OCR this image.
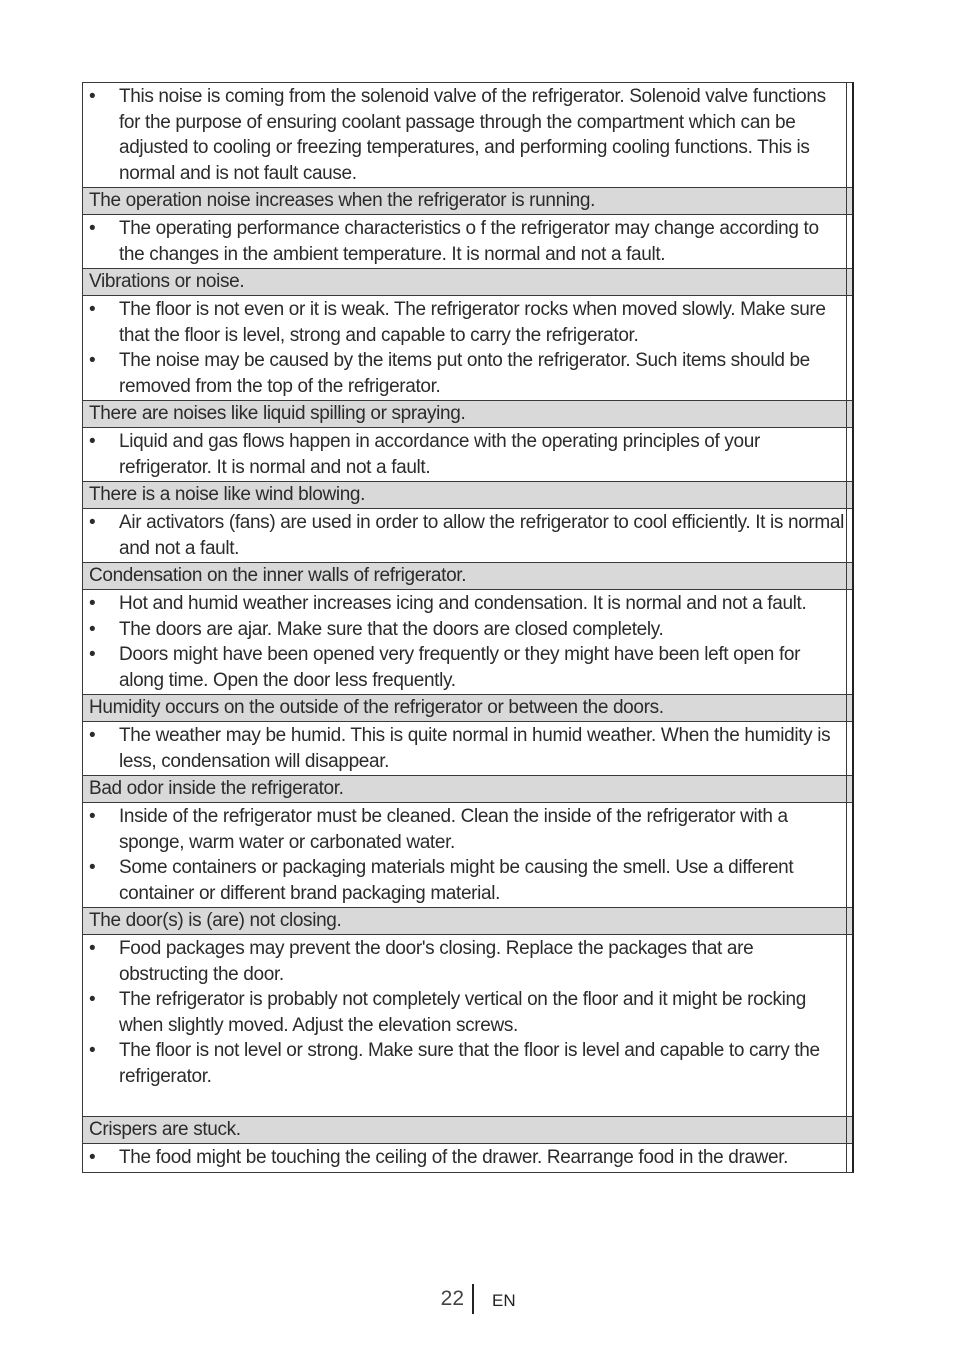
• This noise is coming from the solenoid valve of the refrigerator. Solenoid valve functions for the purpose of ensuring coolant passage through the compartment which can be adjusted to cooling or freezing temperatures, and performing cooling functions. This is normal and is not fault cause.
The operation noise increases when the refrigerator is running.
• The operating performance characteristics o f the refrigerator may change according to the changes in the ambient temperature. It is normal and not a fault.
Vibrations or noise.
• The floor is not even or it is weak. The refrigerator rocks when moved slowly. Make sure that the floor is level, strong and capable to carry the refrigerator.
• The noise may be caused by the items put onto the refrigerator. Such items should be removed from the top of the refrigerator.
There are noises like liquid spilling or spraying.
• Liquid and gas flows happen in accordance with the operating principles of your refrigerator. It is normal and not a fault.
There is a noise like wind blowing.
• Air activators (fans) are used in order to allow the refrigerator to cool efficiently. It is normal and not a fault.
Condensation on the inner walls of refrigerator.
• Hot and humid weather increases icing and condensation. It is normal and not a fault.
• The doors are ajar. Make sure that the doors are closed completely.
• Doors might have been opened very frequently or they might have been left open for along time. Open the door less frequently.
Humidity occurs on the outside of the refrigerator or between the doors.
• The weather may be humid. This is quite normal in humid weather. When the humidity is less, condensation will disappear.
Bad odor inside the refrigerator.
• Inside of the refrigerator must be cleaned. Clean the inside of the refrigerator with a sponge, warm water or carbonated water.
• Some containers or packaging materials might be causing the smell. Use a different container or different brand packaging material.
The door(s) is (are) not closing.
• Food packages may prevent the door's closing. Replace the packages that are obstructing the door.
• The refrigerator is probably not completely vertical on the floor and it might be rocking when slightly moved. Adjust the elevation screws.
• The floor is not level or strong. Make sure that the floor is level and capable to carry the refrigerator.
Crispers are stuck.
• The food might be touching the ceiling of the drawer. Rearrange food in the drawer.
22 EN
